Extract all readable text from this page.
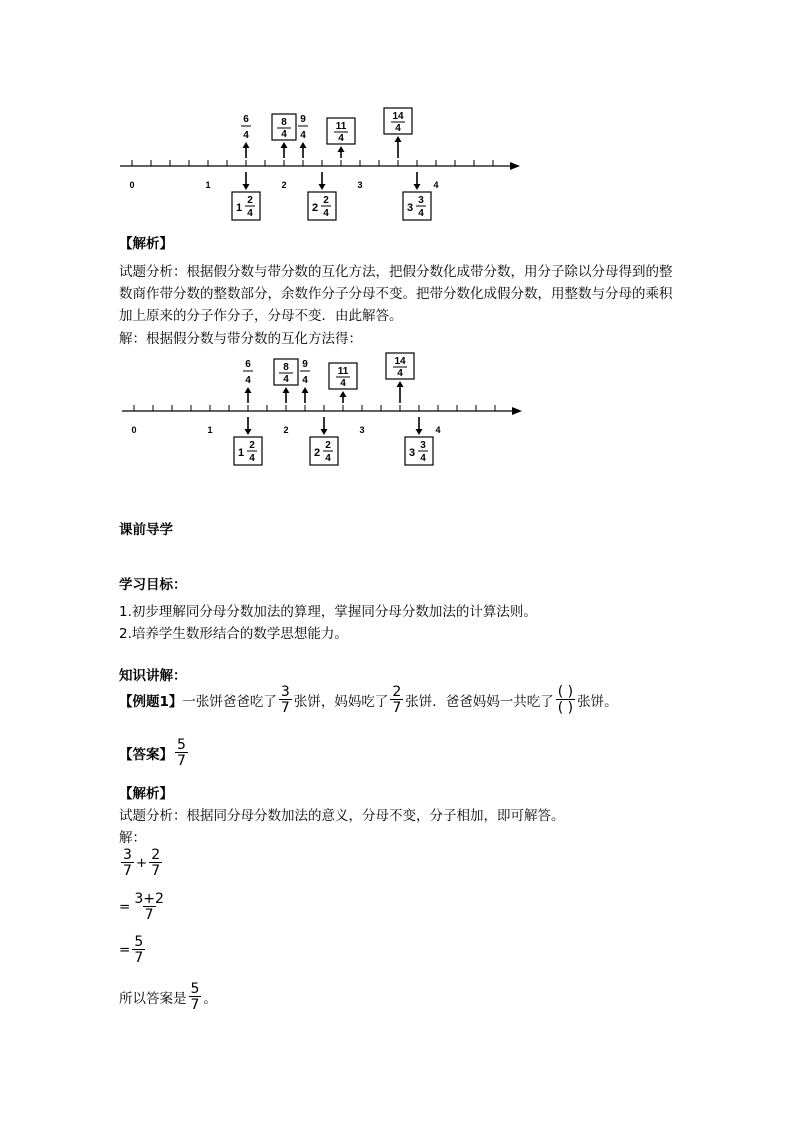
0	1	2	3	4
6
4
8
4
9
4
11
4
14
4
1
2
4	2
2
4	3
3
4
【解析】
试题分析：根据假分数与带分数的互化方法，把假分数化成带分数，用分子除以分母得到的整数商作带分数的整数部分，余数作分子分母不变。把带分数化成假分数，用整数与分母的乘积加上原来的分子作分子，分母不变．由此解答。
解：根据假分数与带分数的互化方法得：
0	1	2	3	4
6
4
8
4
9
4
11
4
14
4
1
2
4	2
2
4	3
3
4
课前导学
学习目标：
1.初步理解同分母分数加法的算理，掌握同分母分数加法的计算法则。
2.培养学生数形结合的数学思想能力。
知识讲解：
【例题1】 一张饼爸爸吃了 $\frac{3}{7}$ 张饼，妈妈吃了 $\frac{2}{7}$ 张饼．爸爸妈妈一共吃了 $\frac{( )}{( )}$ 张饼。
【答案】 $\frac{5}{7}$
【解析】
试题分析：根据同分母分数加法的意义，分母不变，分子相加，即可解答。
解：
$\frac{3}{7} + \frac{2}{7}$
= $\frac{3+2}{7}$
= $\frac{5}{7}$
所以答案是 $\frac{5}{7}$ 。
